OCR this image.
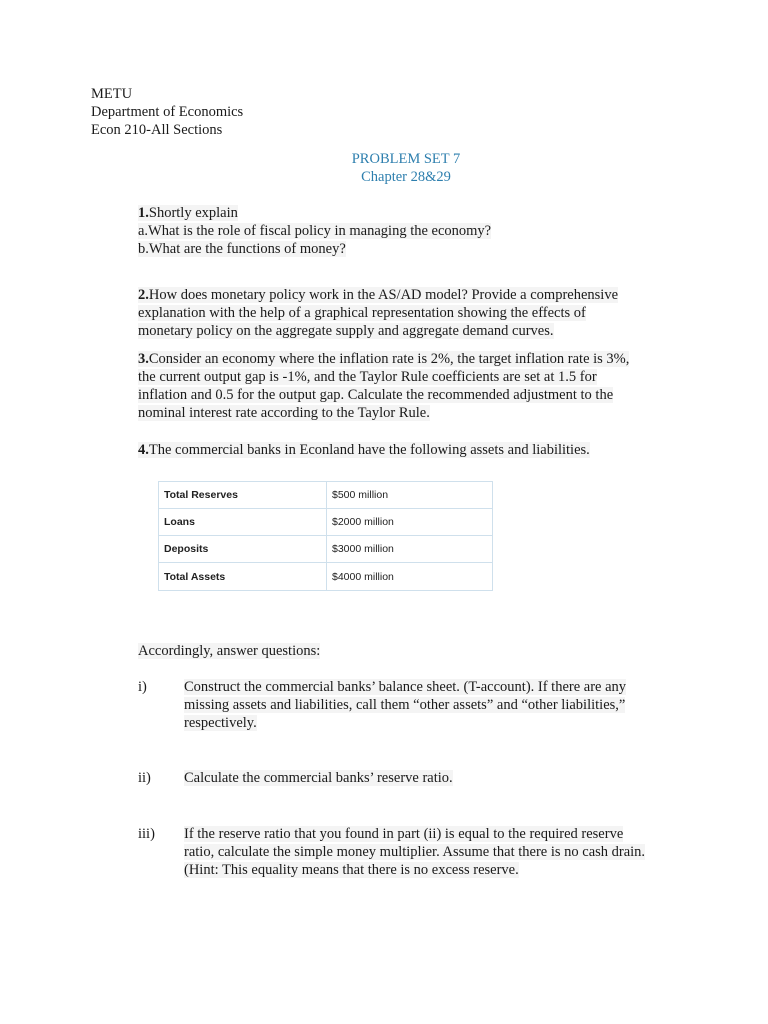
METU
Department of Economics
Econ 210-All Sections
PROBLEM SET 7
Chapter 28&29
1.Shortly explain
a.What is the role of fiscal policy in managing the economy?
b.What are the functions of money?
2.How does monetary policy work in the AS/AD model? Provide a comprehensive
explanation with the help of a graphical representation showing the effects of
monetary policy on the aggregate supply and aggregate demand curves.
3.Consider an economy where the inflation rate is 2%, the target inflation rate is 3%,
the current output gap is -1%, and the Taylor Rule coefficients are set at 1.5 for
inflation and 0.5 for the output gap. Calculate the recommended adjustment to the
nominal interest rate according to the Taylor Rule.
4.The commercial banks in Econland have the following assets and liabilities.
Total Reserves	$500 million
Loans	$2000 million
Deposits	$3000 million
Total Assets	$4000 million
Accordingly, answer questions:
i)	Construct the commercial banks’ balance sheet. (T-account). If there are any
missing assets and liabilities, call them “other assets” and “other liabilities,”
respectively.
ii) Calculate the commercial banks’ reserve ratio.
iii) If the reserve ratio that you found in part (ii) is equal to the required reserve
ratio, calculate the simple money multiplier. Assume that there is no cash drain.
(Hint: This equality means that there is no excess reserve.
